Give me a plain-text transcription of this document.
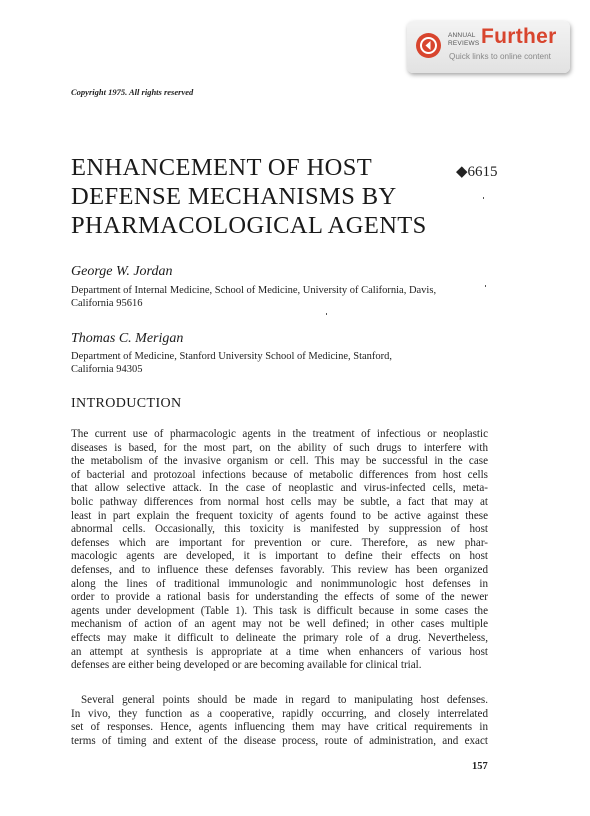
ANNUAL
REVIEWS Further
Quick links to online content
Copyright 1975. All rights reserved
ENHANCEMENT OF HOST
DEFENSE MECHANISMS BY
PHARMACOLOGICAL AGENTS
◆6615
George W. Jordan
Department of Internal Medicine, School of Medicine, University of California, Davis,
California 95616
Thomas C. Merigan
Department of Medicine, Stanford University School of Medicine, Stanford,
California 94305
INTRODUCTION
The current use of pharmacologic agents in the treatment of infectious or neoplastic
diseases is based, for the most part, on the ability of such drugs to interfere with
the metabolism of the invasive organism or cell. This may be successful in the case
of bacterial and protozoal infections because of metabolic differences from host cells
that allow selective attack. In the case of neoplastic and virus-infected cells, meta-
bolic pathway differences from normal host cells may be subtle, a fact that may at
least in part explain the frequent toxicity of agents found to be active against these
abnormal cells. Occasionally, this toxicity is manifested by suppression of host
defenses which are important for prevention or cure. Therefore, as new phar-
macologic agents are developed, it is important to define their effects on host
defenses, and to influence these defenses favorably. This review has been organized
along the lines of traditional immunologic and nonimmunologic host defenses in
order to provide a rational basis for understanding the effects of some of the newer
agents under development (Table 1). This task is difficult because in some cases the
mechanism of action of an agent may not be well defined; in other cases multiple
effects may make it difficult to delineate the primary role of a drug. Nevertheless,
an attempt at synthesis is appropriate at a time when enhancers of various host
defenses are either being developed or are becoming available for clinical trial.
Several general points should be made in regard to manipulating host defenses.
In vivo, they function as a cooperative, rapidly occurring, and closely interrelated
set of responses. Hence, agents influencing them may have critical requirements in
terms of timing and extent of the disease process, route of administration, and exact
157
